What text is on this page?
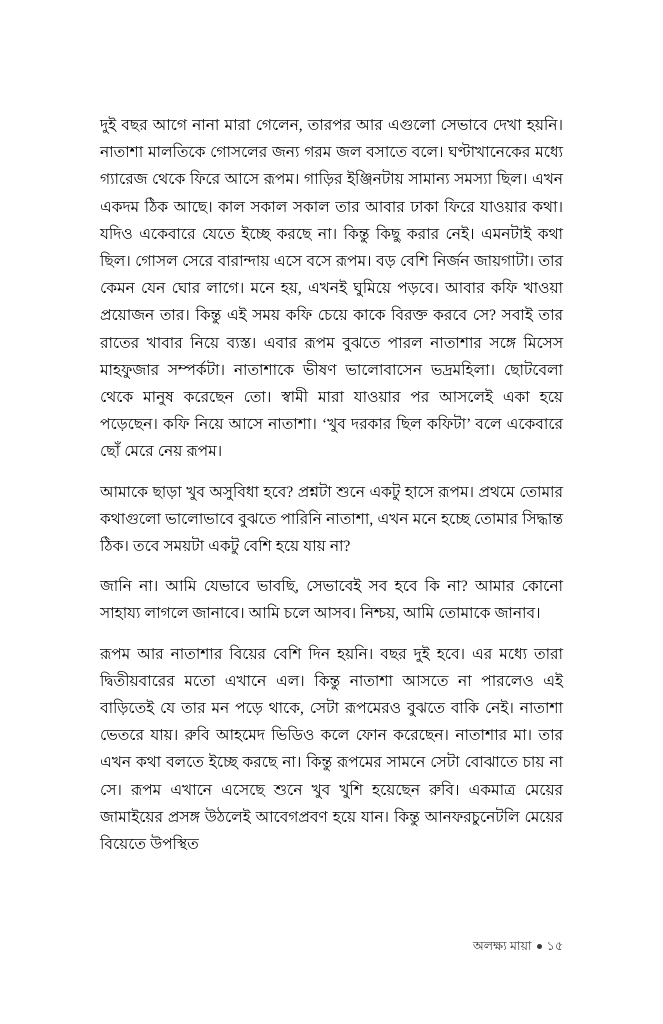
দুই বছর আগে নানা মারা গেলেন, তারপর আর এগুলো সেভাবে দেখা হয়নি। নাতাশা মালতিকে গোসলের জন্য গরম জল বসাতে বলে। ঘণ্টাখানেকের মধ্যে গ্যারেজ থেকে ফিরে আসে রূপম। গাড়ির ইঞ্জিনটায় সামান্য সমস্যা ছিল। এখন একদম ঠিক আছে। কাল সকাল সকাল তার আবার ঢাকা ফিরে যাওয়ার কথা। যদিও একেবারে যেতে ইচ্ছে করছে না। কিন্তু কিছু করার নেই। এমনটাই কথা ছিল। গোসল সেরে বারান্দায় এসে বসে রূপম। বড় বেশি নির্জন জায়গাটা। তার কেমন যেন ঘোর লাগে। মনে হয়, এখনই ঘুমিয়ে পড়বে। আবার কফি খাওয়া প্রয়োজন তার। কিন্তু এই সময় কফি চেয়ে কাকে বিরক্ত করবে সে? সবাই তার রাতের খাবার নিয়ে ব্যস্ত। এবার রূপম বুঝতে পারল নাতাশার সঙ্গে মিসেস মাহফুজার সম্পর্কটা। নাতাশাকে ভীষণ ভালোবাসেন ভদ্রমহিলা। ছোটবেলা থেকে মানুষ করেছেন তো। স্বামী মারা যাওয়ার পর আসলেই একা হয়ে পড়েছেন। কফি নিয়ে আসে নাতাশা। ‘খুব দরকার ছিল কফিটা’ বলে একেবারে ছোঁ মেরে নেয় রূপম।

আমাকে ছাড়া খুব অসুবিধা হবে? প্রশ্নটা শুনে একটু হাসে রূপম। প্রথমে তোমার কথাগুলো ভালোভাবে বুঝতে পারিনি নাতাশা, এখন মনে হচ্ছে তোমার সিদ্ধান্ত ঠিক। তবে সময়টা একটু বেশি হয়ে যায় না?

জানি না। আমি যেভাবে ভাবছি, সেভাবেই সব হবে কি না? আমার কোনো সাহায্য লাগলে জানাবে। আমি চলে আসব। নিশ্চয়, আমি তোমাকে জানাব।

রূপম আর নাতাশার বিয়ের বেশি দিন হয়নি। বছর দুই হবে। এর মধ্যে তারা দ্বিতীয়বারের মতো এখানে এল। কিন্তু নাতাশা আসতে না পারলেও এই বাড়িতেই যে তার মন পড়ে থাকে, সেটা রূপমেরও বুঝতে বাকি নেই। নাতাশা ভেতরে যায়। রুবি আহমেদ ভিডিও কলে ফোন করেছেন। নাতাশার মা। তার এখন কথা বলতে ইচ্ছে করছে না। কিন্তু রূপমের সামনে সেটা বোঝাতে চায় না সে। রূপম এখানে এসেছে শুনে খুব খুশি হয়েছেন রুবি। একমাত্র মেয়ের জামাইয়ের প্রসঙ্গ উঠলেই আবেগপ্রবণ হয়ে যান। কিন্তু আনফরচুনেটলি মেয়ের বিয়েতে উপস্থিত

অলক্ষ্য মায়া ১৫
